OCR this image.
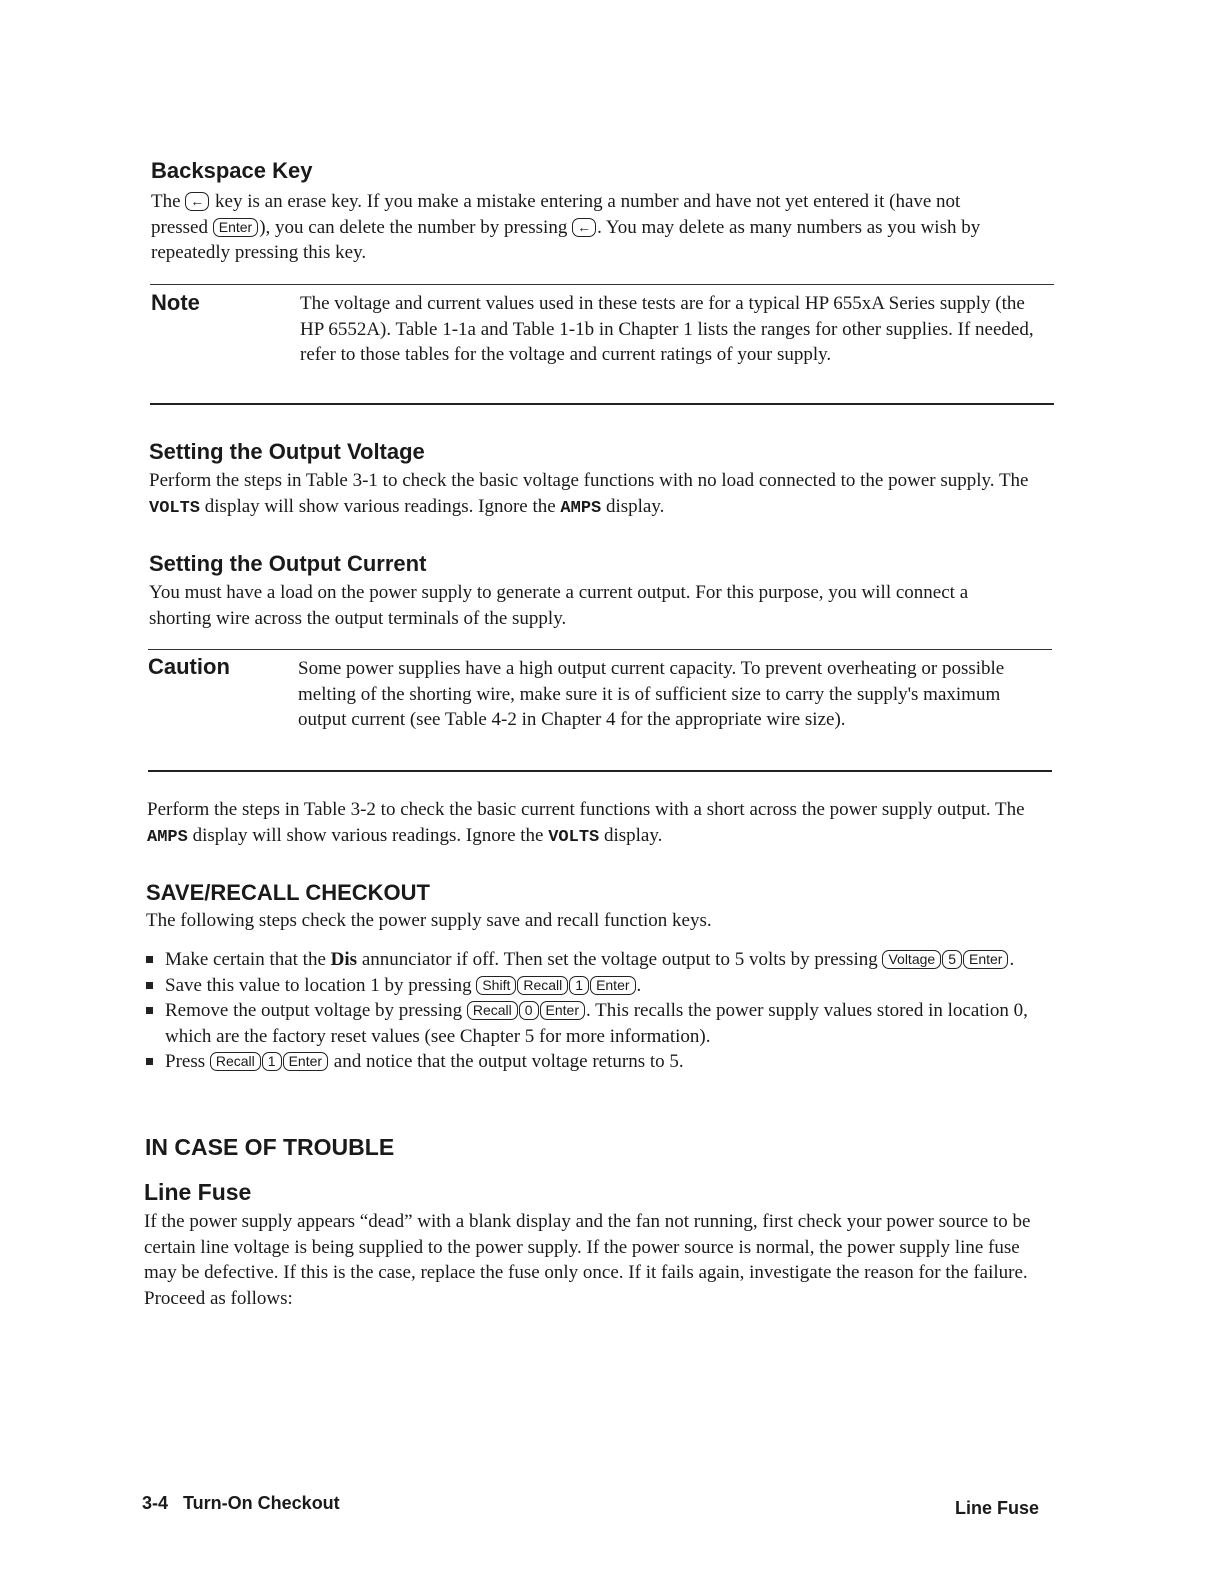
Backspace Key

The ← key is an erase key. If you make a mistake entering a number and have not yet entered it (have not pressed Enter ), you can delete the number by pressing ← . You may delete as many numbers as you wish by repeatedly pressing this key.

Note	The voltage and current values used in these tests are for a typical HP 655xA Series supply (the HP 6552A). Table 1-1a and Table 1-1b in Chapter 1 lists the ranges for other supplies. If needed, refer to those tables for the voltage and current ratings of your supply.

Setting the Output Voltage

Perform the steps in Table 3-1 to check the basic voltage functions with no load connected to the power supply. The VOLTS display will show various readings. Ignore the AMPS display.

Setting the Output Current

You must have a load on the power supply to generate a current output. For this purpose, you will connect a shorting wire across the output terminals of the supply.

Caution	Some power supplies have a high output current capacity. To prevent overheating or possible melting of the shorting wire, make sure it is of sufficient size to carry the supply's maximum output current (see Table 4-2 in Chapter 4 for the appropriate wire size).

Perform the steps in Table 3-2 to check the basic current functions with a short across the power supply output. The AMPS display will show various readings. Ignore the VOLTS display.

SAVE/RECALL CHECKOUT

The following steps check the power supply save and recall function keys.

Make certain that the Dis annunciator if off. Then set the voltage output to 5 volts by pressing Voltage 5 Enter .
Save this value to location 1 by pressing Shift Recall 1 Enter .
Remove the output voltage by pressing Recall 0 Enter . This recalls the power supply values stored in location 0, which are the factory reset values (see Chapter 5 for more information).
Press Recall 1 Enter and notice that the output voltage returns to 5.
IN CASE OF TROUBLE
Line Fuse

If the power supply appears “dead” with a blank display and the fan not running, first check your power source to be certain line voltage is being supplied to the power supply. If the power source is normal, the power supply line fuse may be defective. If this is the case, replace the fuse only once. If it fails again, investigate the reason for the failure. Proceed as follows:

3-4   Turn-On Checkout	Line Fuse
